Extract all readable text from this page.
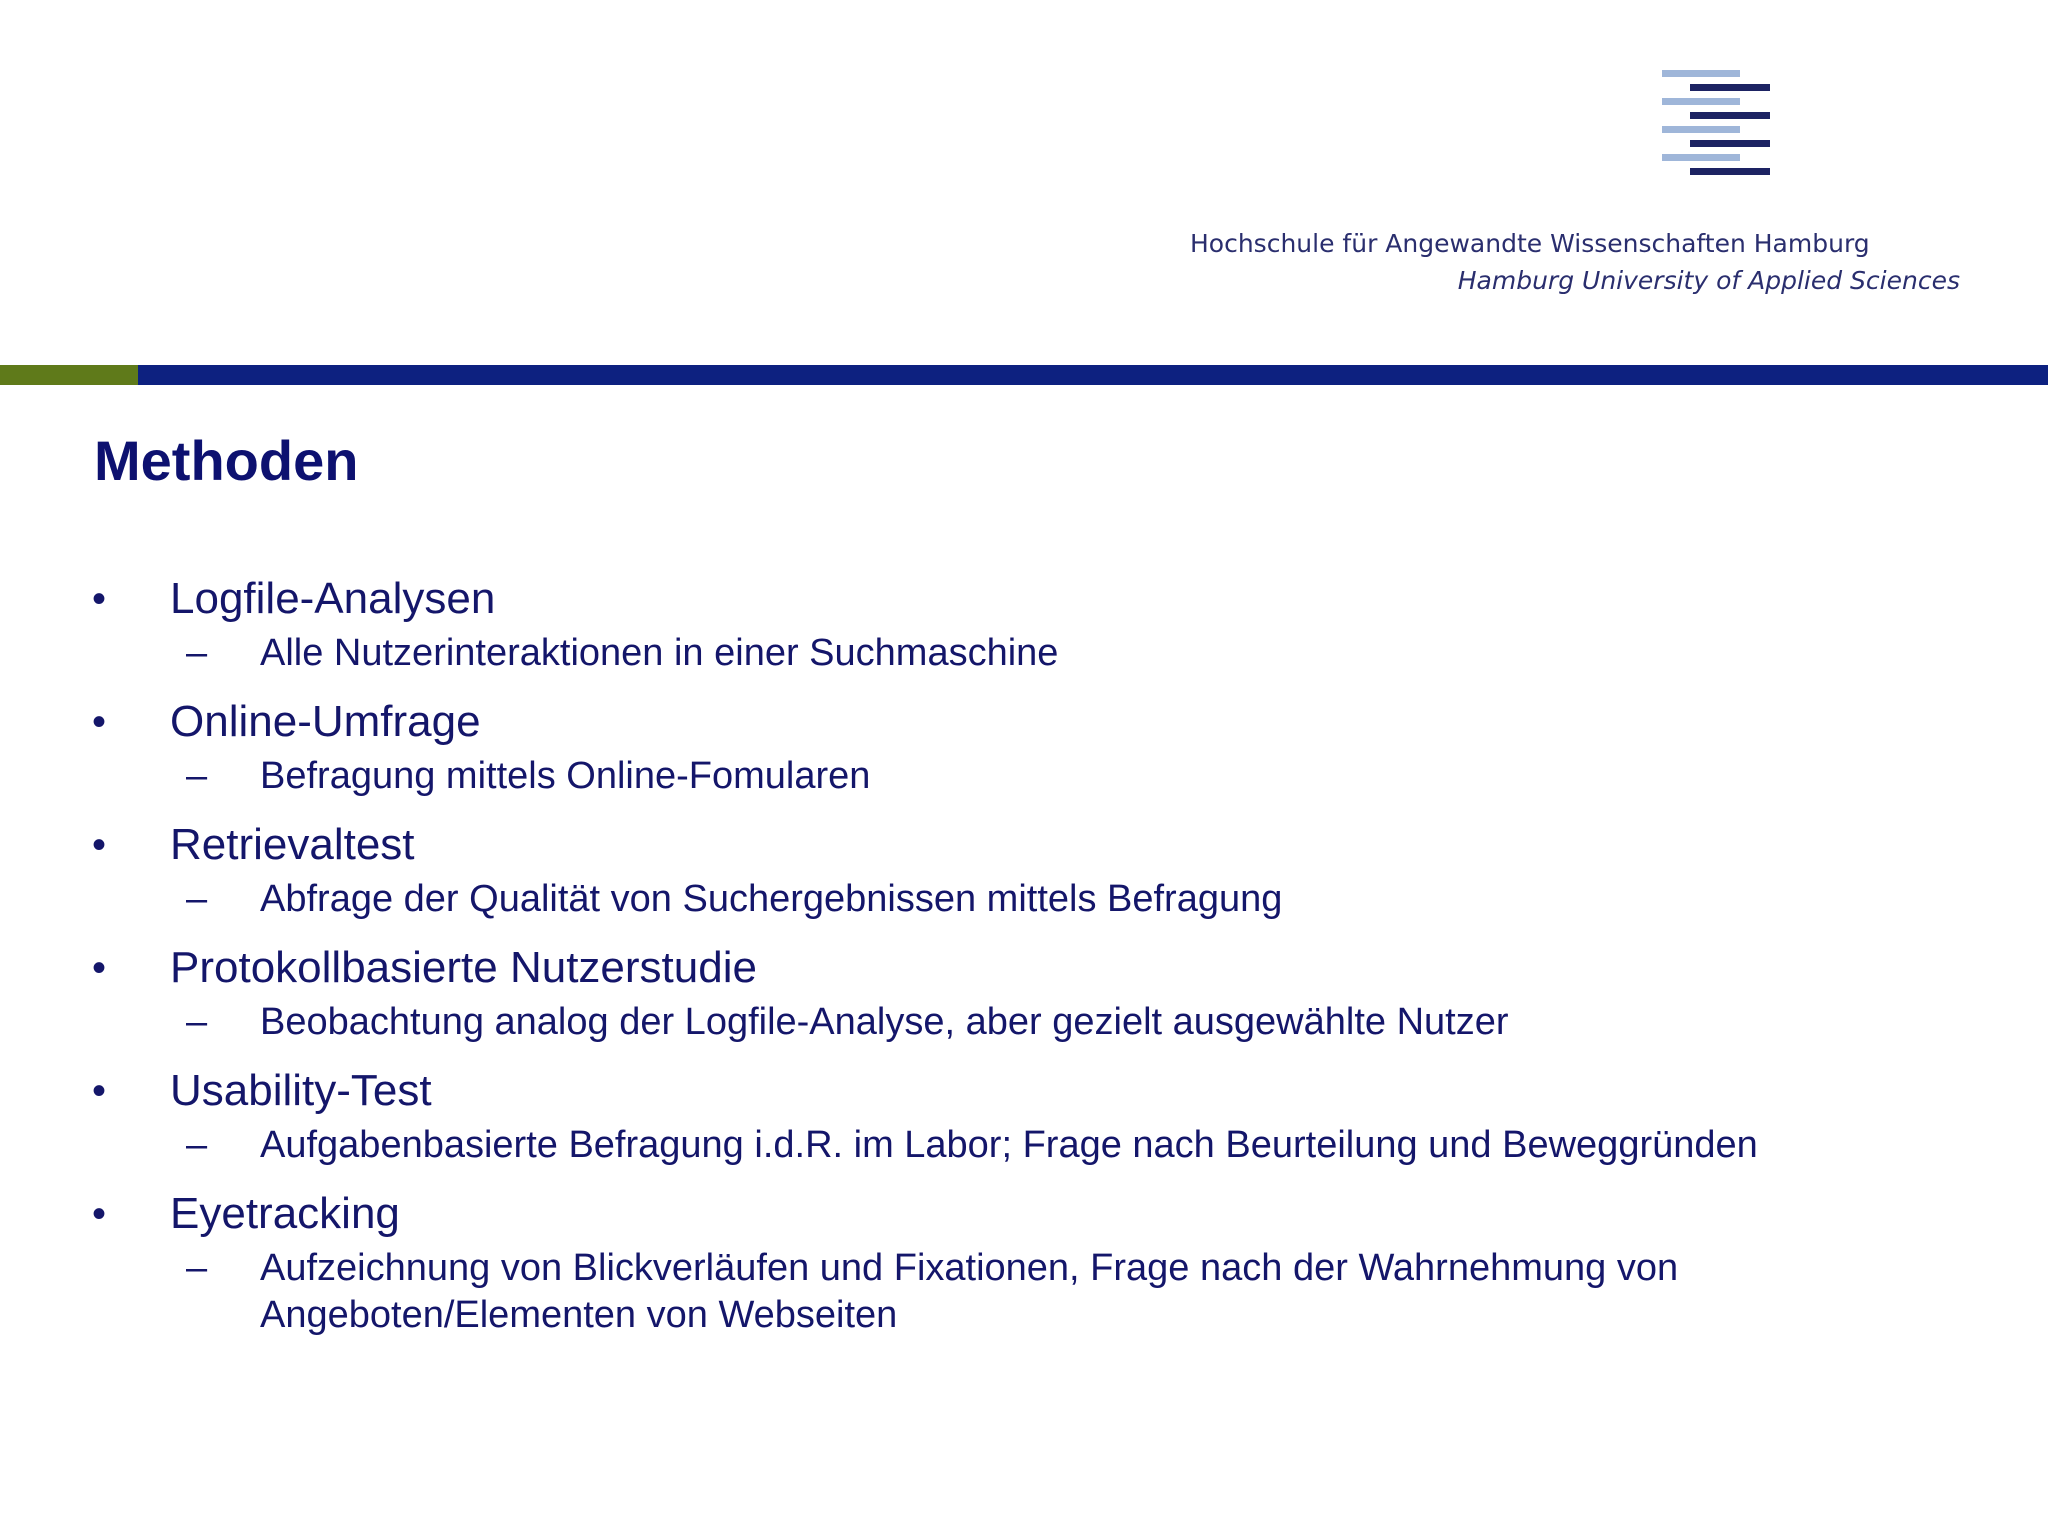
Hochschule für Angewandte Wissenschaften Hamburg
Hamburg University of Applied Sciences
Methoden
• Logfile-Analysen
– Alle Nutzerinteraktionen in einer Suchmaschine
• Online-Umfrage
– Befragung mittels Online-Fomularen
• Retrievaltest
– Abfrage der Qualität von Suchergebnissen mittels Befragung
• Protokollbasierte Nutzerstudie
– Beobachtung analog der Logfile-Analyse, aber gezielt ausgewählte Nutzer
• Usability-Test
– Aufgabenbasierte Befragung i.d.R. im Labor; Frage nach Beurteilung und Beweggründen
• Eyetracking
– Aufzeichnung von Blickverläufen und Fixationen, Frage nach der Wahrnehmung von Angeboten/Elementen von Webseiten
